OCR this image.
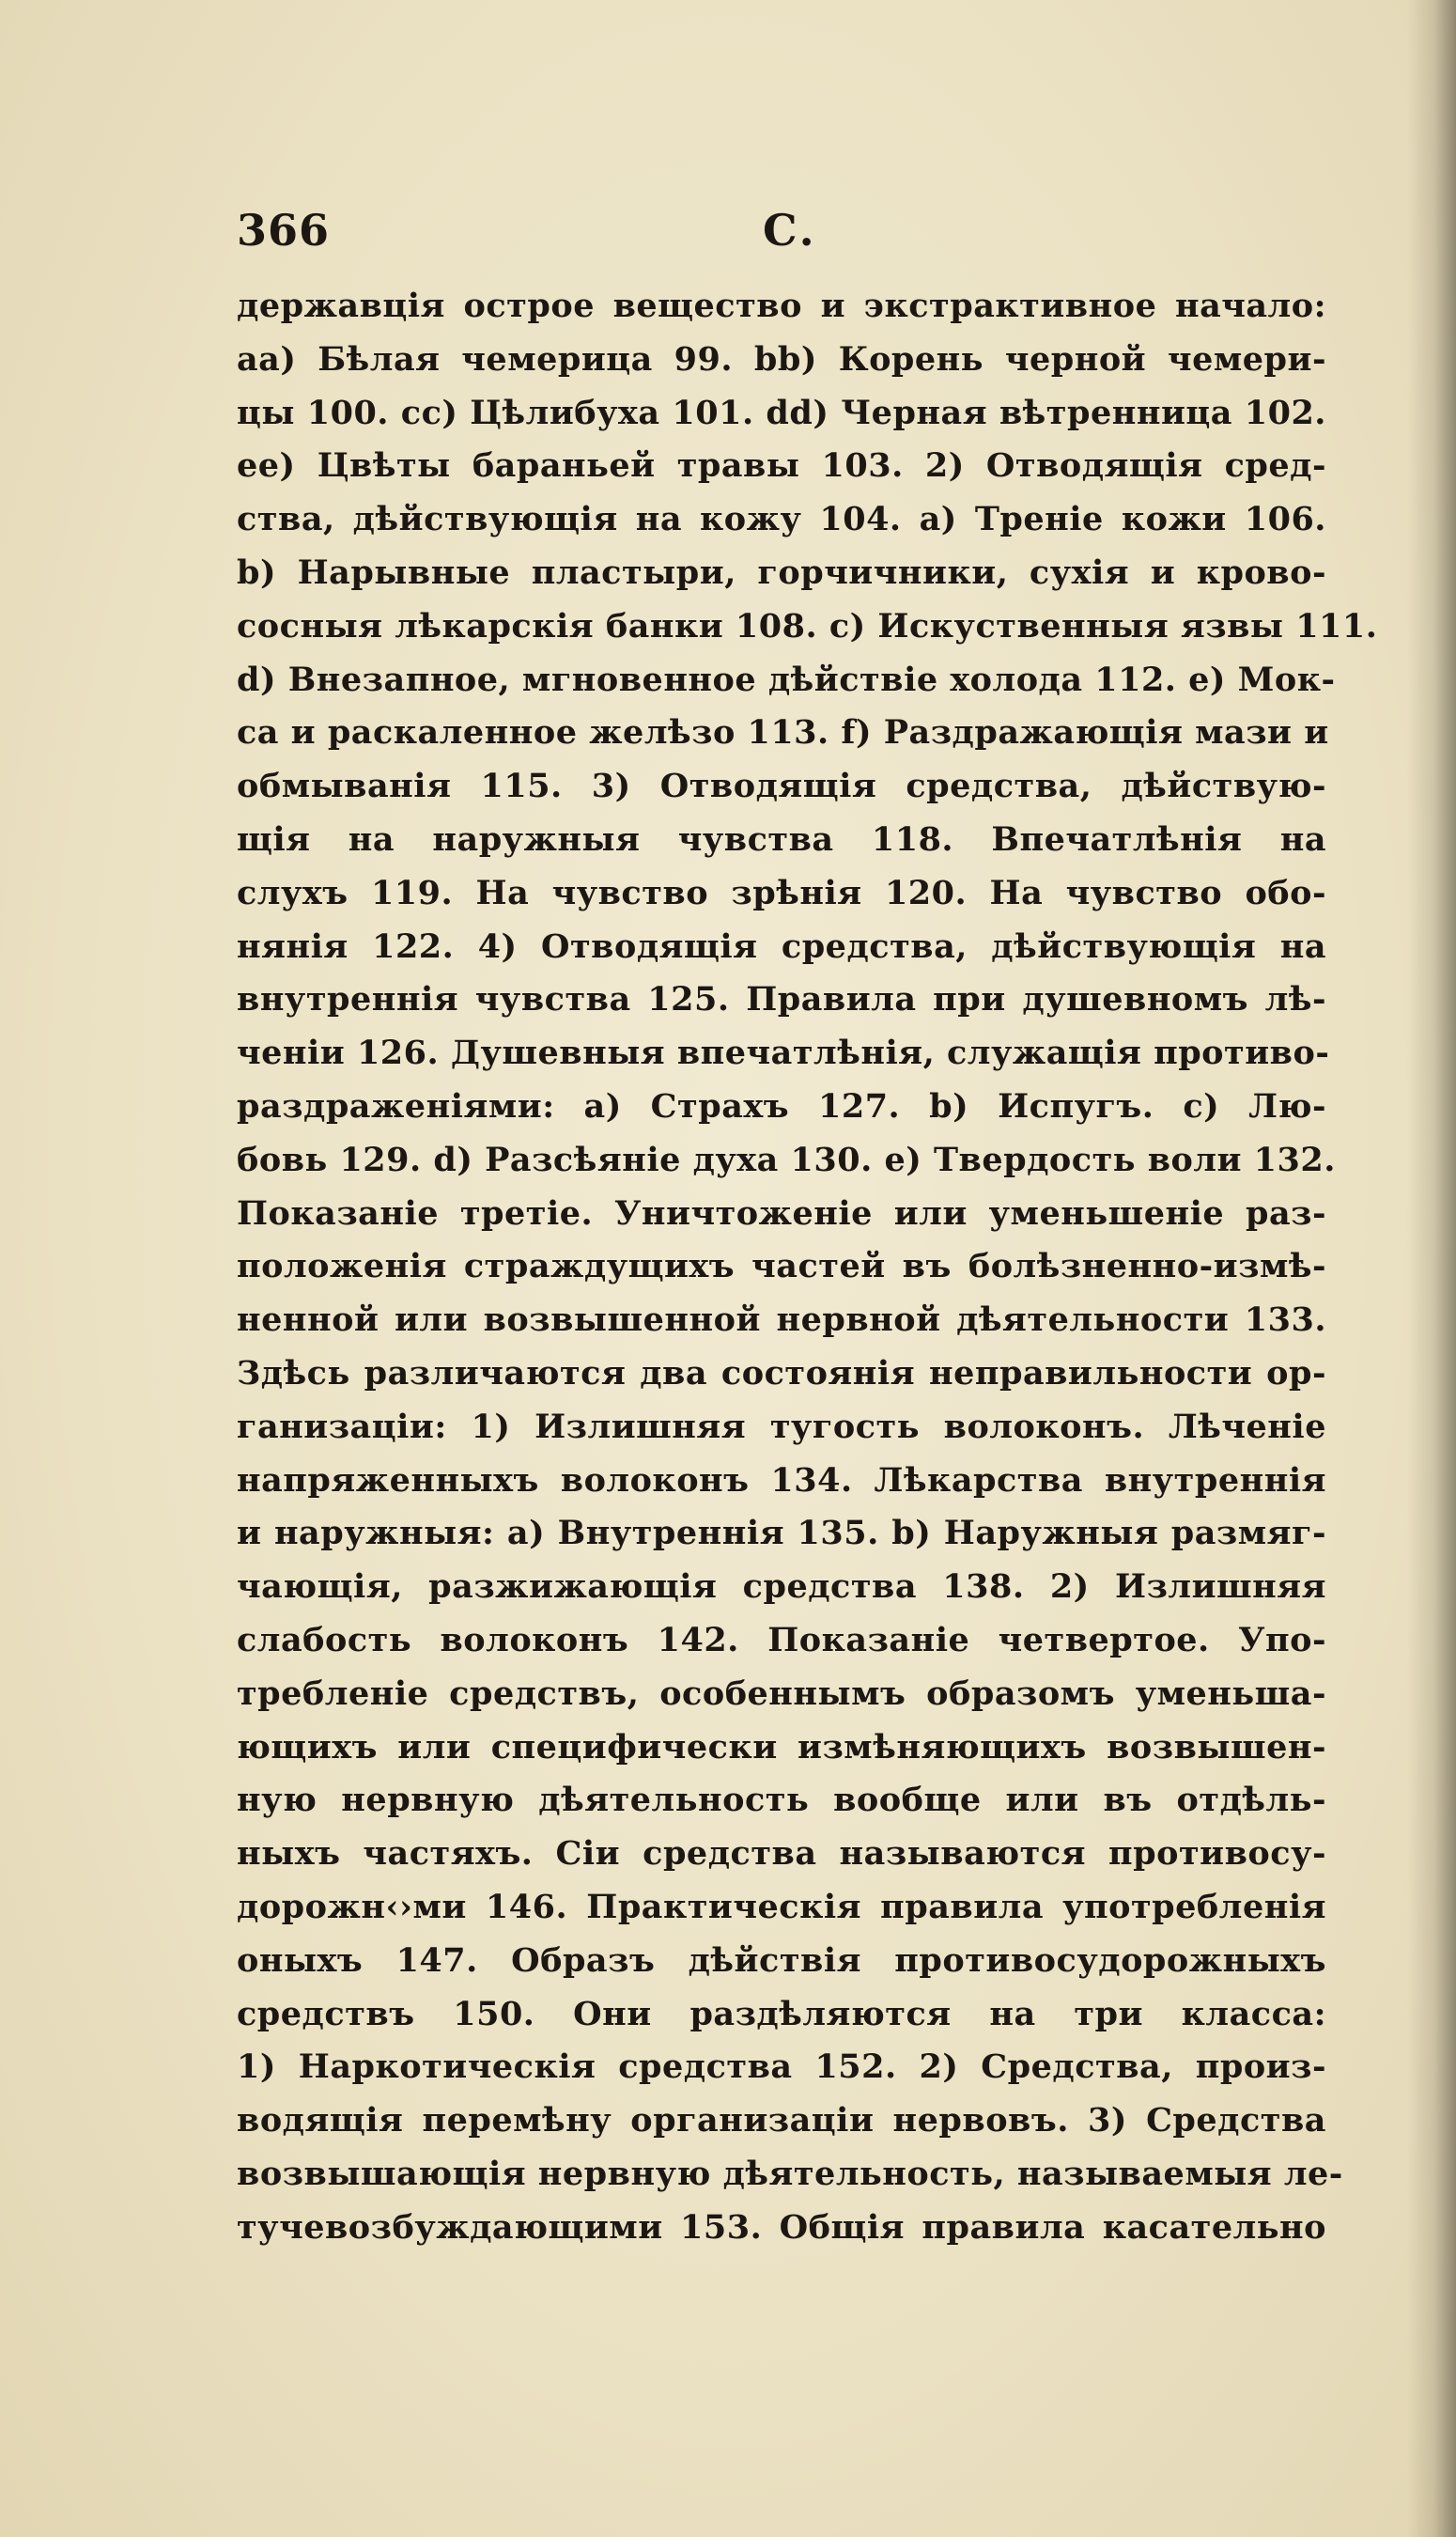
366	С.
державція острое вещество и экстрактивное начало:
аа) Бѣлая чемерица 99. bb) Корень черной чемери-
цы 100. сс) Цѣлибуха 101. dd) Черная вѣтренница 102.
ее) Цвѣты бараньей травы 103. 2) Отводящія сред-
ства, дѣйствующія на кожу 104. а) Треніе кожи 106.
b) Нарывные пластыри, горчичники, сухія и крово-
сосныя лѣкарскія банки 108. с) Искуственныя язвы 111.
d) Внезапное, мгновенное дѣйствіе холода 112. е) Мок-
са и раскаленное желѣзо 113. f) Раздражающія мази и
обмыванія 115. 3) Отводящія средства, дѣйствую-
щія на наружныя чувства 118. Впечатлѣнія на
слухъ 119. На чувство зрѣнія 120. На чувство обо-
нянія 122. 4) Отводящія средства, дѣйствующія на
внутреннія чувства 125. Правила при душевномъ лѣ-
ченіи 126. Душевныя впечатлѣнія, служащія противо-
раздраженіями: а) Страхъ 127. b) Испугъ. с) Лю-
бовь 129. d) Разсѣяніе духа 130. е) Твердость воли 132.
Показаніе третіе. Уничтоженіе или уменьшеніе раз-
положенія страждущихъ частей въ болѣзненно-измѣ-
ненной или возвышенной нервной дѣятельности 133.
Здѣсь различаются два состоянія неправильности ор-
ганизаціи: 1) Излишняя тугость волоконъ. Лѣченіе
напряженныхъ волоконъ 134. Лѣкарства внутреннія
и наружныя: а) Внутреннія 135. b) Наружныя размяг-
чающія, разжижающія средства 138. 2) Излишняя
слабость волоконъ 142. Показаніе четвертое. Упо-
требленіе средствъ, особеннымъ образомъ уменьша-
ющихъ или специфически измѣняющихъ возвышен-
ную нервную дѣятельность вообще или въ отдѣль-
ныхъ частяхъ. Сіи средства называются противосу-
дорожн‹›ми 146. Практическія правила употребленія
оныхъ 147. Образъ дѣйствія противосудорожныхъ
средствъ 150. Они раздѣляются на три класса:
1) Наркотическія средства 152. 2) Средства, произ-
водящія перемѣну организаціи нервовъ. 3) Средства
возвышающія нервную дѣятельность, называемыя ле-
тучевозбуждающими 153. Общія правила касательно
